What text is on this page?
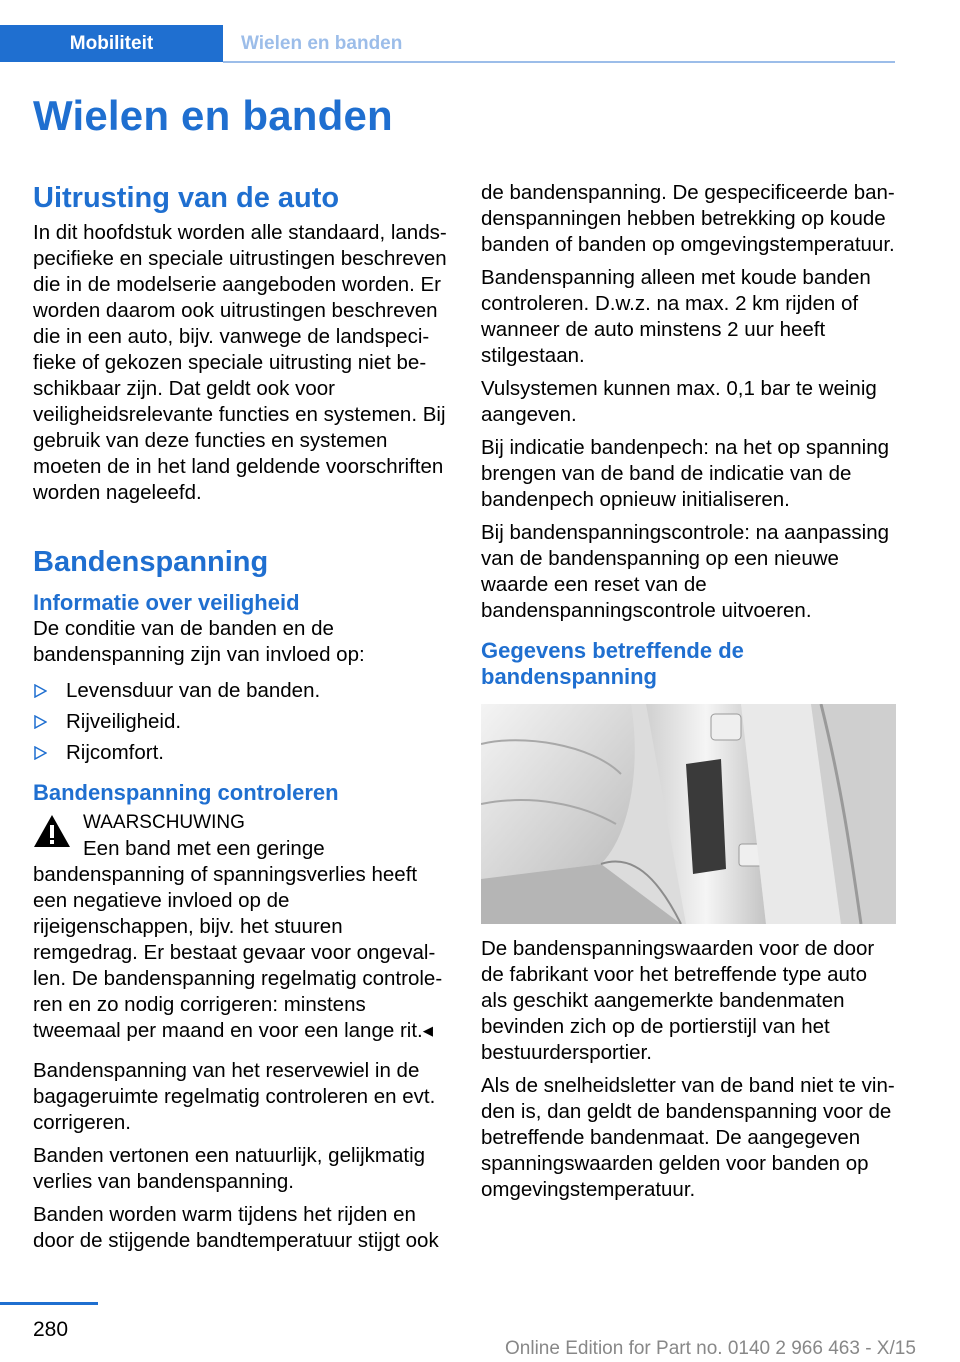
Mobiliteit	Wielen en banden
Wielen en banden
Uitrusting van de auto

In dit hoofdstuk worden alle standaard, landspecifieke en speciale uitrustingen beschreven die in de modelserie aangeboden worden. Er worden daarom ook uitrustingen beschreven die in een auto, bijv. vanwege de landspecifieke of gekozen speciale uitrusting niet beschikbaar zijn. Dat geldt ook voor veiligheidsrelevante functies en systemen. Bij gebruik van deze functies en systemen moeten de in het land geldende voorschriften worden nageleefd.

Bandenspanning
Informatie over veiligheid

De conditie van de banden en de bandenspanning zijn van invloed op:

Levensduur van de banden.
Rijveiligheid.
Rijcomfort.
Bandenspanning controleren
WAARSCHUWING

Een band met een geringe bandenspanning of spanningsverlies heeft een negatieve invloed op de rijeigenschappen, bijv. het stuuren remgedrag. Er bestaat gevaar voor ongevallen. De bandenspanning regelmatig controleren en zo nodig corrigeren: minstens tweemaal per maand en voor een lange rit.◂

Bandenspanning van het reservewiel in de bagageruimte regelmatig controleren en evt. corrigeren.

Banden vertonen een natuurlijk, gelijkmatig verlies van bandenspanning.

Banden worden warm tijdens het rijden en door de stijgende bandtemperatuur stijgt ook

de bandenspanning. De gespecificeerde bandenspanningen hebben betrekking op koude banden of banden op omgevingstemperatuur.

Bandenspanning alleen met koude banden controleren. D.w.z. na max. 2 km rijden of wanneer de auto minstens 2 uur heeft stilgestaan.

Vulsystemen kunnen max. 0,1 bar te weinig aangeven.

Bij indicatie bandenpech: na het op spanning brengen van de band de indicatie van de bandenpech opnieuw initialiseren.

Bij bandenspanningscontrole: na aanpassing van de bandenspanning op een nieuwe waarde een reset van de bandenspanningscontrole uitvoeren.

Gegevens betreffende de bandenspanning

De bandenspanningswaarden voor de door de fabrikant voor het betreffende type auto als geschikt aangemerkte bandenmaten bevinden zich op de portierstijl van het bestuurdersportier.

Als de snelheidsletter van de band niet te vinden is, dan geldt de bandenspanning voor de betreffende bandenmaat. De aangegeven spanningswaarden gelden voor banden op omgevingstemperatuur.

280
Online Edition for Part no. 0140 2 966 463 - X/15
